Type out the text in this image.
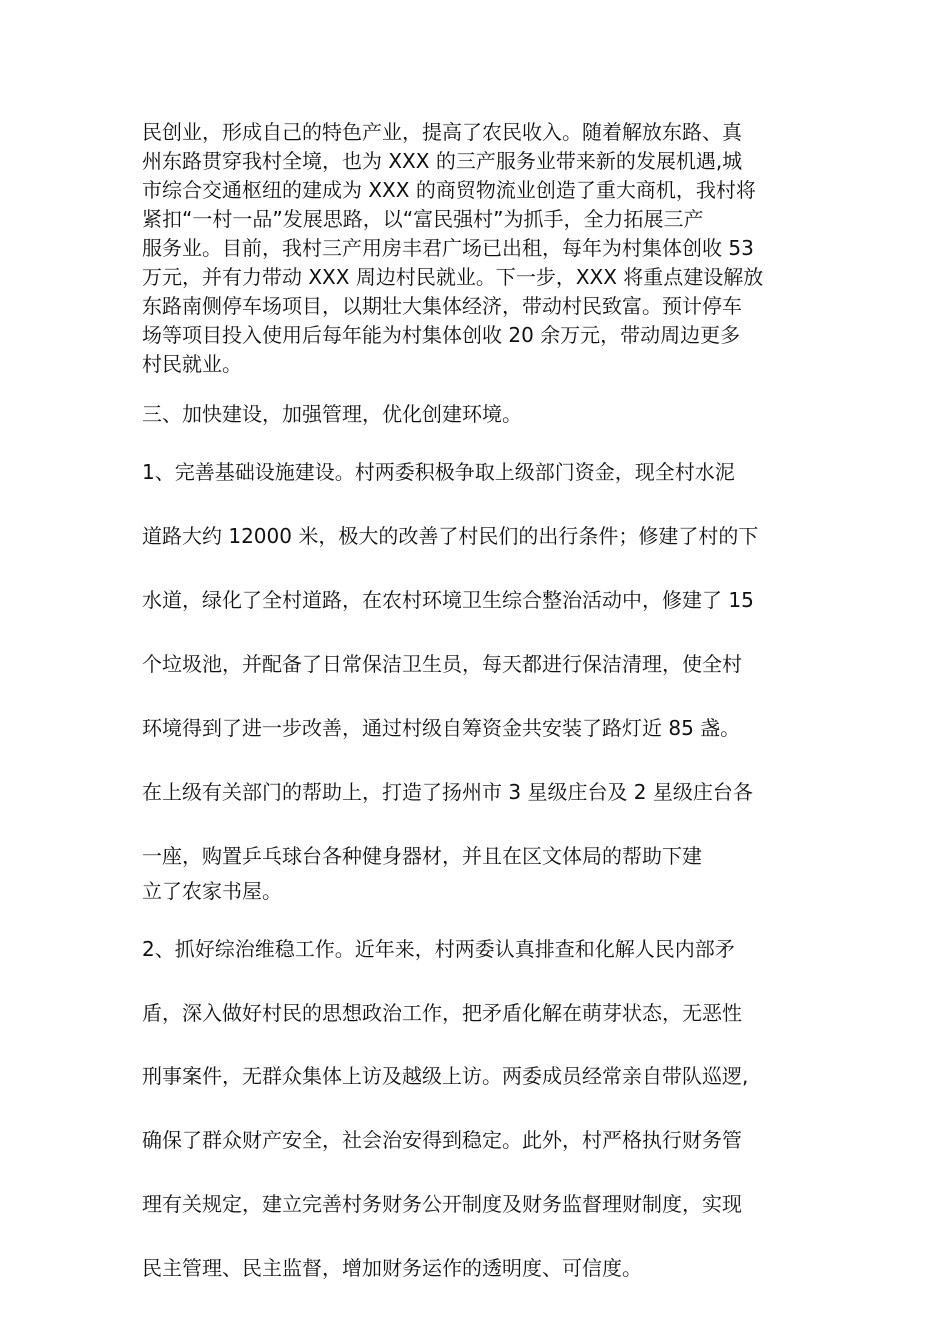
民创业，形成自己的特色产业，提高了农民收入。随着解放东路、真
州东路贯穿我村全境，也为 XXX 的三产服务业带来新的发展机遇,城
市综合交通枢纽的建成为 XXX 的商贸物流业创造了重大商机，我村将
紧扣“一村一品”发展思路，以“富民强村”为抓手，全力拓展三产
服务业。目前，我村三产用房丰君广场已出租，每年为村集体创收 53
万元，并有力带动 XXX 周边村民就业。下一步，XXX 将重点建设解放
东路南侧停车场项目，以期壮大集体经济，带动村民致富。预计停车
场等项目投入使用后每年能为村集体创收 20 余万元，带动周边更多
村民就业。
三、加快建设，加强管理，优化创建环境。
1、完善基础设施建设。村两委积极争取上级部门资金，现全村水泥
道路大约 12000 米，极大的改善了村民们的出行条件；修建了村的下
水道，绿化了全村道路，在农村环境卫生综合整治活动中，修建了 15
个垃圾池，并配备了日常保洁卫生员，每天都进行保洁清理，使全村
环境得到了进一步改善，通过村级自筹资金共安装了路灯近 85 盏。
在上级有关部门的帮助上，打造了扬州市 3 星级庄台及 2 星级庄台各
一座，购置乒乓球台各种健身器材，并且在区文体局的帮助下建
立了农家书屋。
2、抓好综治维稳工作。近年来，村两委认真排查和化解人民内部矛
盾，深入做好村民的思想政治工作，把矛盾化解在萌芽状态，无恶性
刑事案件，无群众集体上访及越级上访。两委成员经常亲自带队巡逻,
确保了群众财产安全，社会治安得到稳定。此外，村严格执行财务管
理有关规定，建立完善村务财务公开制度及财务监督理财制度，实现
民主管理、民主监督，增加财务运作的透明度、可信度。
